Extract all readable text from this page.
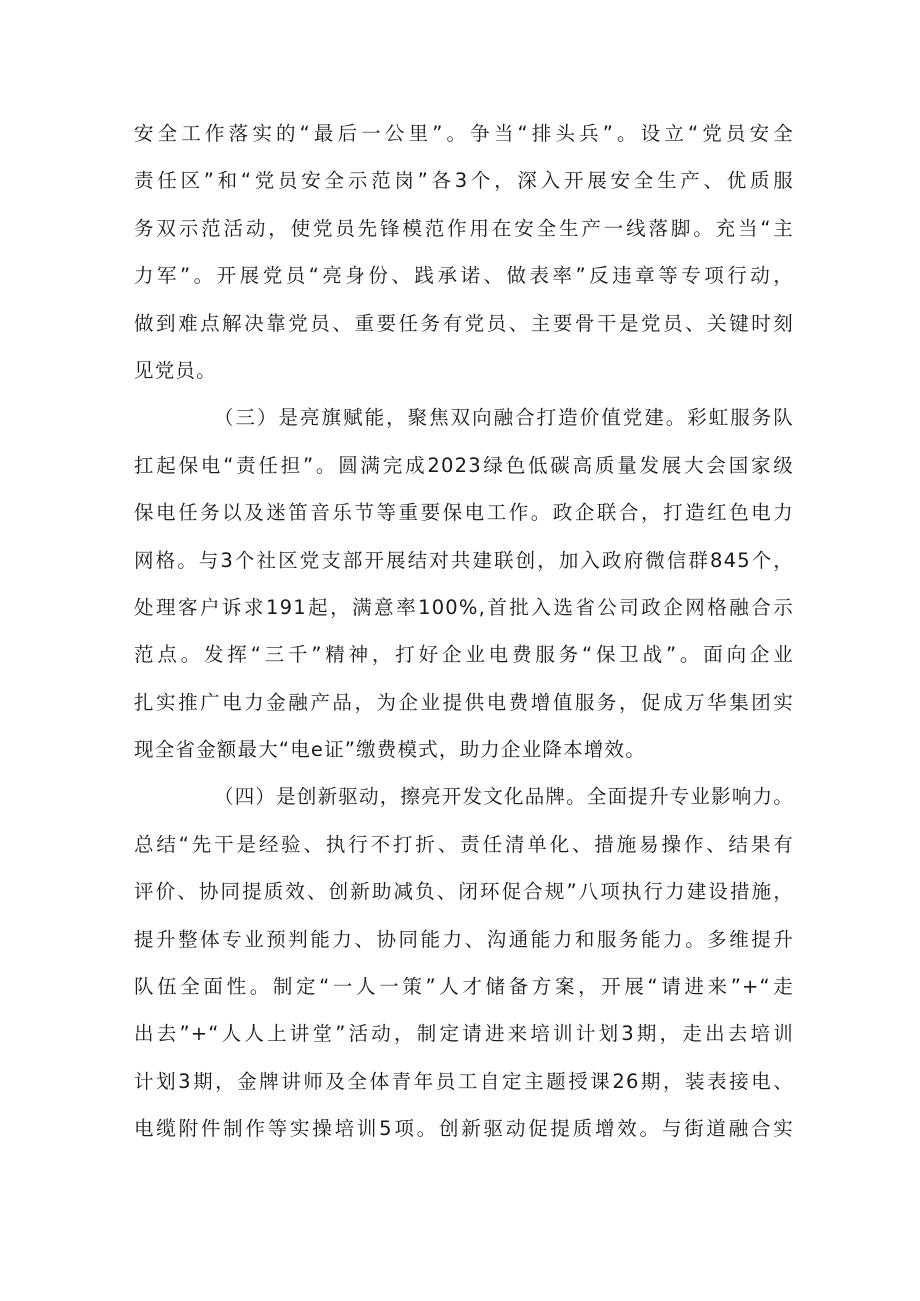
安全工作落实的“最后一公里”。争当“排头兵”。设立“党员安全
责任区”和“党员安全示范岗”各3个，深入开展安全生产、优质服
务双示范活动，使党员先锋模范作用在安全生产一线落脚。充当“主
力军”。开展党员“亮身份、践承诺、做表率”反违章等专项行动，
做到难点解决靠党员、重要任务有党员、主要骨干是党员、关键时刻
见党员。
（三）是亮旗赋能，聚焦双向融合打造价值党建。彩虹服务队
扛起保电“责任担”。圆满完成2023绿色低碳高质量发展大会国家级
保电任务以及迷笛音乐节等重要保电工作。政企联合，打造红色电力
网格。与3个社区党支部开展结对共建联创，加入政府微信群845个，
处理客户诉求191起，满意率100%,首批入选省公司政企网格融合示
范点。发挥“三千”精神，打好企业电费服务“保卫战”。面向企业
扎实推广电力金融产品，为企业提供电费增值服务，促成万华集团实
现全省金额最大“电e证”缴费模式，助力企业降本增效。
（四）是创新驱动，擦亮开发文化品牌。全面提升专业影响力。
总结“先干是经验、执行不打折、责任清单化、措施易操作、结果有
评价、协同提质效、创新助减负、闭环促合规”八项执行力建设措施，
提升整体专业预判能力、协同能力、沟通能力和服务能力。多维提升
队伍全面性。制定“一人一策”人才储备方案，开展“请进来”+“走
出去”+“人人上讲堂”活动，制定请进来培训计划3期，走出去培训
计划3期，金牌讲师及全体青年员工自定主题授课26期，装表接电、
电缆附件制作等实操培训5项。创新驱动促提质增效。与街道融合实
